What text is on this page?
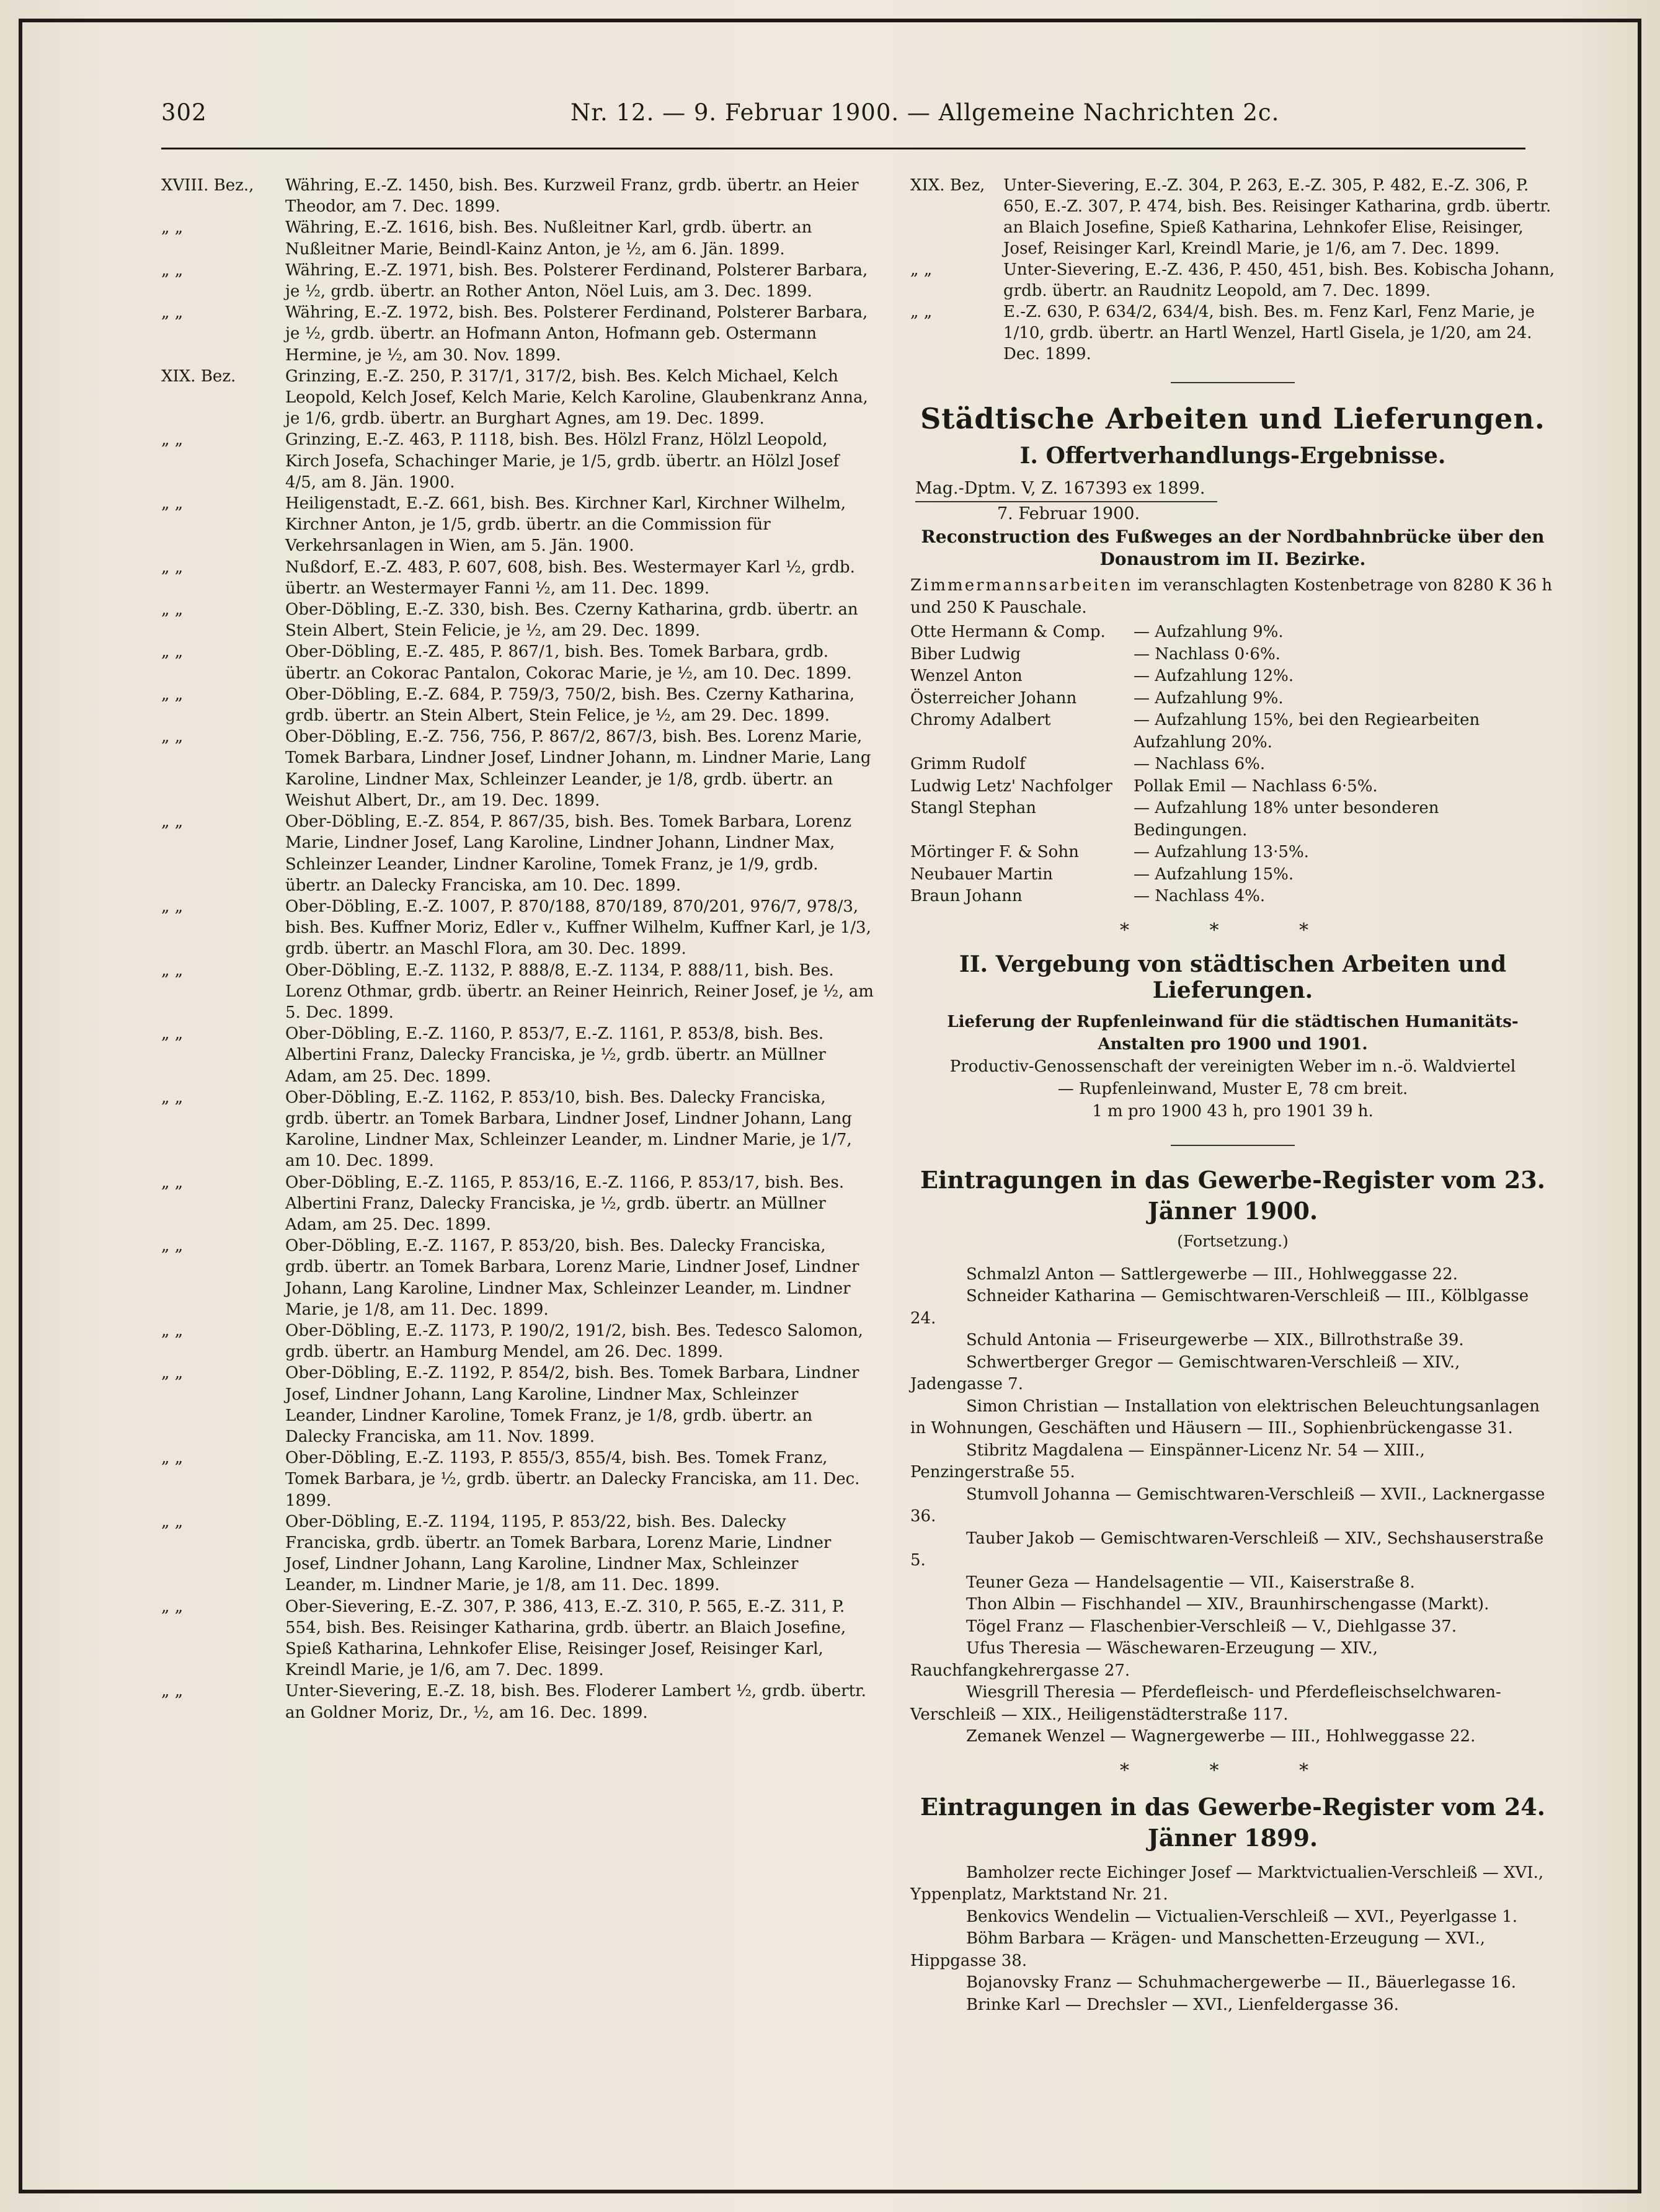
302	Nr. 12. — 9. Februar 1900. — Allgemeine Nachrichten 2c.
XVIII. Bez.,	Währing, E.-Z. 1450, bish. Bes. Kurzweil Franz, grdb. übertr. an Heier Theodor, am 7. Dec. 1899.
„ „	Währing, E.-Z. 1616, bish. Bes. Nußleitner Karl, grdb. übertr. an Nußleitner Marie, Beindl-Kainz Anton, je ½, am 6. Jän. 1899.
„ „	Währing, E.-Z. 1971, bish. Bes. Polsterer Ferdinand, Polsterer Barbara, je ½, grdb. übertr. an Rother Anton, Nöel Luis, am 3. Dec. 1899.
„ „	Währing, E.-Z. 1972, bish. Bes. Polsterer Ferdinand, Polsterer Barbara, je ½, grdb. übertr. an Hofmann Anton, Hofmann geb. Ostermann Hermine, je ½, am 30. Nov. 1899.
XIX. Bez.	Grinzing, E.-Z. 250, P. 317/1, 317/2, bish. Bes. Kelch Michael, Kelch Leopold, Kelch Josef, Kelch Marie, Kelch Karoline, Glaubenkranz Anna, je 1/6, grdb. übertr. an Burghart Agnes, am 19. Dec. 1899.
„ „	Grinzing, E.-Z. 463, P. 1118, bish. Bes. Hölzl Franz, Hölzl Leopold, Kirch Josefa, Schachinger Marie, je 1/5, grdb. übertr. an Hölzl Josef 4/5, am 8. Jän. 1900.
„ „	Heiligenstadt, E.-Z. 661, bish. Bes. Kirchner Karl, Kirchner Wilhelm, Kirchner Anton, je 1/5, grdb. übertr. an die Commission für Verkehrsanlagen in Wien, am 5. Jän. 1900.
„ „	Nußdorf, E.-Z. 483, P. 607, 608, bish. Bes. Westermayer Karl ½, grdb. übertr. an Westermayer Fanni ½, am 11. Dec. 1899.
„ „	Ober-Döbling, E.-Z. 330, bish. Bes. Czerny Katharina, grdb. übertr. an Stein Albert, Stein Felicie, je ½, am 29. Dec. 1899.
„ „	Ober-Döbling, E.-Z. 485, P. 867/1, bish. Bes. Tomek Barbara, grdb. übertr. an Cokorac Pantalon, Cokorac Marie, je ½, am 10. Dec. 1899.
„ „	Ober-Döbling, E.-Z. 684, P. 759/3, 750/2, bish. Bes. Czerny Katharina, grdb. übertr. an Stein Albert, Stein Felice, je ½, am 29. Dec. 1899.
„ „	Ober-Döbling, E.-Z. 756, 756, P. 867/2, 867/3, bish. Bes. Lorenz Marie, Tomek Barbara, Lindner Josef, Lindner Johann, m. Lindner Marie, Lang Karoline, Lindner Max, Schleinzer Leander, je 1/8, grdb. übertr. an Weishut Albert, Dr., am 19. Dec. 1899.
„ „	Ober-Döbling, E.-Z. 854, P. 867/35, bish. Bes. Tomek Barbara, Lorenz Marie, Lindner Josef, Lang Karoline, Lindner Johann, Lindner Max, Schleinzer Leander, Lindner Karoline, Tomek Franz, je 1/9, grdb. übertr. an Dalecky Franciska, am 10. Dec. 1899.
„ „	Ober-Döbling, E.-Z. 1007, P. 870/188, 870/189, 870/201, 976/7, 978/3, bish. Bes. Kuffner Moriz, Edler v., Kuffner Wilhelm, Kuffner Karl, je 1/3, grdb. übertr. an Maschl Flora, am 30. Dec. 1899.
„ „	Ober-Döbling, E.-Z. 1132, P. 888/8, E.-Z. 1134, P. 888/11, bish. Bes. Lorenz Othmar, grdb. übertr. an Reiner Heinrich, Reiner Josef, je ½, am 5. Dec. 1899.
„ „	Ober-Döbling, E.-Z. 1160, P. 853/7, E.-Z. 1161, P. 853/8, bish. Bes. Albertini Franz, Dalecky Franciska, je ½, grdb. übertr. an Müllner Adam, am 25. Dec. 1899.
„ „	Ober-Döbling, E.-Z. 1162, P. 853/10, bish. Bes. Dalecky Franciska, grdb. übertr. an Tomek Barbara, Lindner Josef, Lindner Johann, Lang Karoline, Lindner Max, Schleinzer Leander, m. Lindner Marie, je 1/7, am 10. Dec. 1899.
„ „	Ober-Döbling, E.-Z. 1165, P. 853/16, E.-Z. 1166, P. 853/17, bish. Bes. Albertini Franz, Dalecky Franciska, je ½, grdb. übertr. an Müllner Adam, am 25. Dec. 1899.
„ „	Ober-Döbling, E.-Z. 1167, P. 853/20, bish. Bes. Dalecky Franciska, grdb. übertr. an Tomek Barbara, Lorenz Marie, Lindner Josef, Lindner Johann, Lang Karoline, Lindner Max, Schleinzer Leander, m. Lindner Marie, je 1/8, am 11. Dec. 1899.
„ „	Ober-Döbling, E.-Z. 1173, P. 190/2, 191/2, bish. Bes. Tedesco Salomon, grdb. übertr. an Hamburg Mendel, am 26. Dec. 1899.
„ „	Ober-Döbling, E.-Z. 1192, P. 854/2, bish. Bes. Tomek Barbara, Lindner Josef, Lindner Johann, Lang Karoline, Lindner Max, Schleinzer Leander, Lindner Karoline, Tomek Franz, je 1/8, grdb. übertr. an Dalecky Franciska, am 11. Nov. 1899.
„ „	Ober-Döbling, E.-Z. 1193, P. 855/3, 855/4, bish. Bes. Tomek Franz, Tomek Barbara, je ½, grdb. übertr. an Dalecky Franciska, am 11. Dec. 1899.
„ „	Ober-Döbling, E.-Z. 1194, 1195, P. 853/22, bish. Bes. Dalecky Franciska, grdb. übertr. an Tomek Barbara, Lorenz Marie, Lindner Josef, Lindner Johann, Lang Karoline, Lindner Max, Schleinzer Leander, m. Lindner Marie, je 1/8, am 11. Dec. 1899.
„ „	Ober-Sievering, E.-Z. 307, P. 386, 413, E.-Z. 310, P. 565, E.-Z. 311, P. 554, bish. Bes. Reisinger Katharina, grdb. übertr. an Blaich Josefine, Spieß Katharina, Lehnkofer Elise, Reisinger Josef, Reisinger Karl, Kreindl Marie, je 1/6, am 7. Dec. 1899.
„ „	Unter-Sievering, E.-Z. 18, bish. Bes. Floderer Lambert ½, grdb. übertr. an Goldner Moriz, Dr., ½, am 16. Dec. 1899.
XIX. Bez,	Unter-Sievering, E.-Z. 304, P. 263, E.-Z. 305, P. 482, E.-Z. 306, P. 650, E.-Z. 307, P. 474, bish. Bes. Reisinger Katharina, grdb. übertr. an Blaich Josefine, Spieß Katharina, Lehnkofer Elise, Reisinger, Josef, Reisinger Karl, Kreindl Marie, je 1/6, am 7. Dec. 1899.
„ „	Unter-Sievering, E.-Z. 436, P. 450, 451, bish. Bes. Kobischa Johann, grdb. übertr. an Raudnitz Leopold, am 7. Dec. 1899.
„ „	E.-Z. 630, P. 634/2, 634/4, bish. Bes. m. Fenz Karl, Fenz Marie, je 1/10, grdb. übertr. an Hartl Wenzel, Hartl Gisela, je 1/20, am 24. Dec. 1899.
Städtische Arbeiten und Lieferungen.
I. Offertverhandlungs-Ergebnisse.
Mag.-Dptm. V, Z. 167393 ex 1899.
7. Februar 1900.
Reconstruction des Fußweges an der Nordbahnbrücke über den Donaustrom im II. Bezirke.
Zimmermannsarbeiten im veranschlagten Kostenbetrage von 8280 K 36 h und 250 K Pauschale.
Otte Hermann & Comp.	— Aufzahlung 9%.
Biber Ludwig	— Nachlass 0·6%.
Wenzel Anton	— Aufzahlung 12%.
Österreicher Johann	— Aufzahlung 9%.
Chromy Adalbert	— Aufzahlung 15%, bei den Regiearbeiten Aufzahlung 20%.
Grimm Rudolf	— Nachlass 6%.
Ludwig Letz' Nachfolger	Pollak Emil — Nachlass 6·5%.
Stangl Stephan	— Aufzahlung 18% unter besonderen Bedingungen.
Mörtinger F. & Sohn	— Aufzahlung 13·5%.
Neubauer Martin	— Aufzahlung 15%.
Braun Johann	— Nachlass 4%.
* * *
II. Vergebung von städtischen Arbeiten und Lieferungen.
Lieferung der Rupfenleinwand für die städtischen Humanitäts-Anstalten pro 1900 und 1901.
Productiv-Genossenschaft der vereinigten Weber im n.-ö. Waldviertel
— Rupfenleinwand, Muster E, 78 cm breit.
1 m pro 1900 43 h, pro 1901 39 h.
Eintragungen in das Gewerbe-Register vom 23. Jänner 1900.
(Fortsetzung.)
Schmalzl Anton — Sattlergewerbe — III., Hohlweggasse 22.
Schneider Katharina — Gemischtwaren-Verschleiß — III., Kölblgasse 24.
Schuld Antonia — Friseurgewerbe — XIX., Billrothstraße 39.
Schwertberger Gregor — Gemischtwaren-Verschleiß — XIV., Jadengasse 7.
Simon Christian — Installation von elektrischen Beleuchtungsanlagen in Wohnungen, Geschäften und Häusern — III., Sophienbrückengasse 31.
Stibritz Magdalena — Einspänner-Licenz Nr. 54 — XIII., Penzingerstraße 55.
Stumvoll Johanna — Gemischtwaren-Verschleiß — XVII., Lacknergasse 36.
Tauber Jakob — Gemischtwaren-Verschleiß — XIV., Sechshauserstraße 5.
Teuner Geza — Handelsagentie — VII., Kaiserstraße 8.
Thon Albin — Fischhandel — XIV., Braunhirschengasse (Markt).
Tögel Franz — Flaschenbier-Verschleiß — V., Diehlgasse 37.
Ufus Theresia — Wäschewaren-Erzeugung — XIV., Rauchfangkehrergasse 27.
Wiesgrill Theresia — Pferdefleisch- und Pferdefleischselchwaren-Verschleiß — XIX., Heiligenstädterstraße 117.
Zemanek Wenzel — Wagnergewerbe — III., Hohlweggasse 22.
* * *
Eintragungen in das Gewerbe-Register vom 24. Jänner 1899.
Bamholzer recte Eichinger Josef — Marktvictualien-Verschleiß — XVI., Yppenplatz, Marktstand Nr. 21.
Benkovics Wendelin — Victualien-Verschleiß — XVI., Peyerlgasse 1.
Böhm Barbara — Krägen- und Manschetten-Erzeugung — XVI., Hippgasse 38.
Bojanovsky Franz — Schuhmachergewerbe — II., Bäuerlegasse 16.
Brinke Karl — Drechsler — XVI., Lienfeldergasse 36.
